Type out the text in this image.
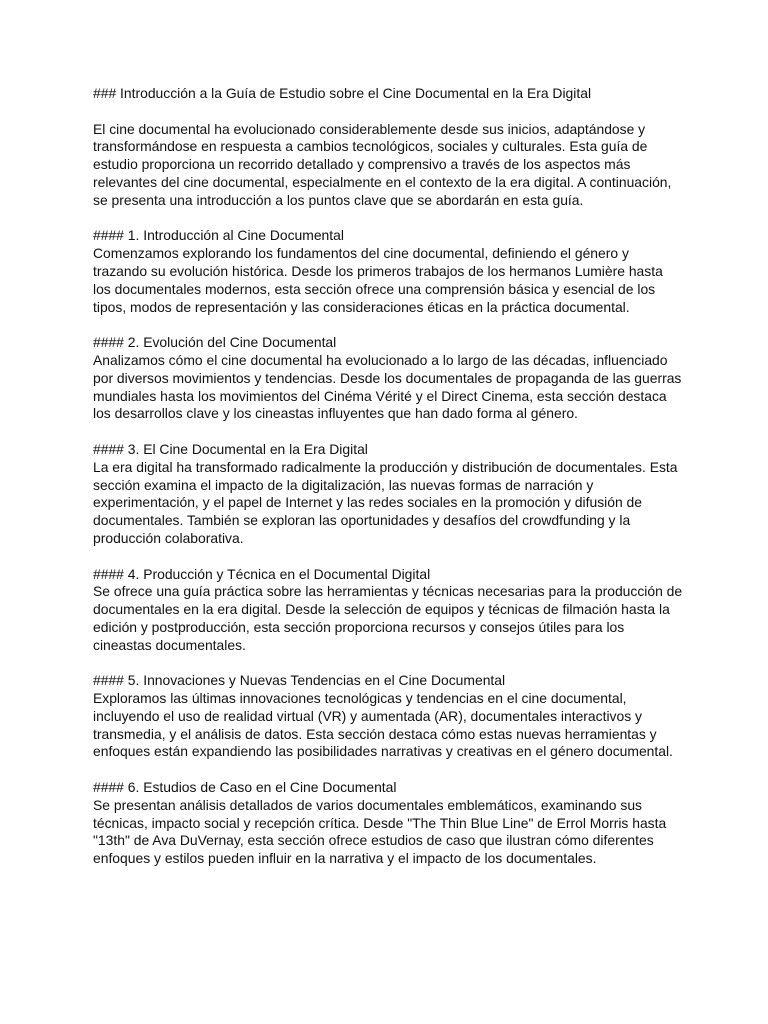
### Introducción a la Guía de Estudio sobre el Cine Documental en la Era Digital

El cine documental ha evolucionado considerablemente desde sus inicios, adaptándose y transformándose en respuesta a cambios tecnológicos, sociales y culturales. Esta guía de estudio proporciona un recorrido detallado y comprensivo a través de los aspectos más relevantes del cine documental, especialmente en el contexto de la era digital. A continuación, se presenta una introducción a los puntos clave que se abordarán en esta guía.

#### 1. Introducción al Cine Documental

Comenzamos explorando los fundamentos del cine documental, definiendo el género y trazando su evolución histórica. Desde los primeros trabajos de los hermanos Lumière hasta los documentales modernos, esta sección ofrece una comprensión básica y esencial de los tipos, modos de representación y las consideraciones éticas en la práctica documental.

#### 2. Evolución del Cine Documental

Analizamos cómo el cine documental ha evolucionado a lo largo de las décadas, influenciado por diversos movimientos y tendencias. Desde los documentales de propaganda de las guerras mundiales hasta los movimientos del Cinéma Vérité y el Direct Cinema, esta sección destaca los desarrollos clave y los cineastas influyentes que han dado forma al género.

#### 3. El Cine Documental en la Era Digital

La era digital ha transformado radicalmente la producción y distribución de documentales. Esta sección examina el impacto de la digitalización, las nuevas formas de narración y experimentación, y el papel de Internet y las redes sociales en la promoción y difusión de documentales. También se exploran las oportunidades y desafíos del crowdfunding y la producción colaborativa.

#### 4. Producción y Técnica en el Documental Digital

Se ofrece una guía práctica sobre las herramientas y técnicas necesarias para la producción de documentales en la era digital. Desde la selección de equipos y técnicas de filmación hasta la edición y postproducción, esta sección proporciona recursos y consejos útiles para los cineastas documentales.

#### 5. Innovaciones y Nuevas Tendencias en el Cine Documental

Exploramos las últimas innovaciones tecnológicas y tendencias en el cine documental, incluyendo el uso de realidad virtual (VR) y aumentada (AR), documentales interactivos y transmedia, y el análisis de datos. Esta sección destaca cómo estas nuevas herramientas y enfoques están expandiendo las posibilidades narrativas y creativas en el género documental.

#### 6. Estudios de Caso en el Cine Documental

Se presentan análisis detallados de varios documentales emblemáticos, examinando sus técnicas, impacto social y recepción crítica. Desde "The Thin Blue Line" de Errol Morris hasta "13th" de Ava DuVernay, esta sección ofrece estudios de caso que ilustran cómo diferentes enfoques y estilos pueden influir en la narrativa y el impacto de los documentales.
